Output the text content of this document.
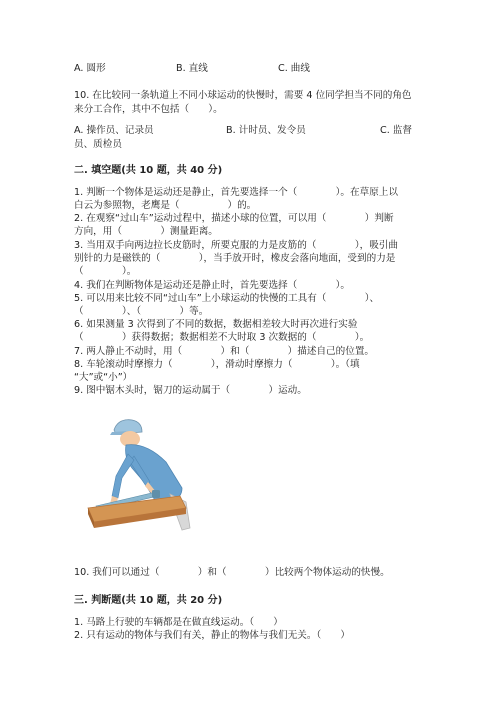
A. 圆形	B. 直线	C. 曲线
10. 在比较同一条轨道上不同小球运动的快慢时，需要 4 位同学担当不同的角色
来分工合作，其中不包括（　　）。
A. 操作员、记录员	B. 计时员、发令员	C. 监督
员、质检员
二. 填空题(共 10 题，共 40 分)
1. 判断一个物体是运动还是静止，首先要选择一个（　　　　）。在草原上以
白云为参照物，老鹰是（　　　　　）的。
2. 在观察“过山车”运动过程中，描述小球的位置，可以用（　　　　）判断
方向，用（　　　　）测量距离。
3. 当用双手向两边拉长皮筋时，所要克服的力是皮筋的（　　　　），吸引曲
别针的力是磁铁的（　　　　），当手放开时，橡皮会落向地面，受到的力是
（　　　　）。
4. 我们在判断物体是运动还是静止时，首先要选择（　　　　）。
5. 可以用来比较不同“过山车”上小球运动的快慢的工具有（　　　　）、
（　　　　）、（　　　　）等。
6. 如果测量 3 次得到了不同的数据，数据相差较大时再次进行实验
（　　　　）获得数据；数据相差不大时取 3 次数据的（　　　　）。
7. 两人静止不动时，用（　　　　）和（　　　　）描述自己的位置。
8. 车轮滚动时摩擦力（　　　　），滑动时摩擦力（　　　　）。（填
“大”或“小”）
9. 图中锯木头时，锯刀的运动属于（　　　　）运动。
10. 我们可以通过（　　　　）和（　　　　）比较两个物体运动的快慢。
三. 判断题(共 10 题，共 20 分)
1. 马路上行驶的车辆都是在做直线运动。（　　）
2. 只有运动的物体与我们有关，静止的物体与我们无关。（　　）
